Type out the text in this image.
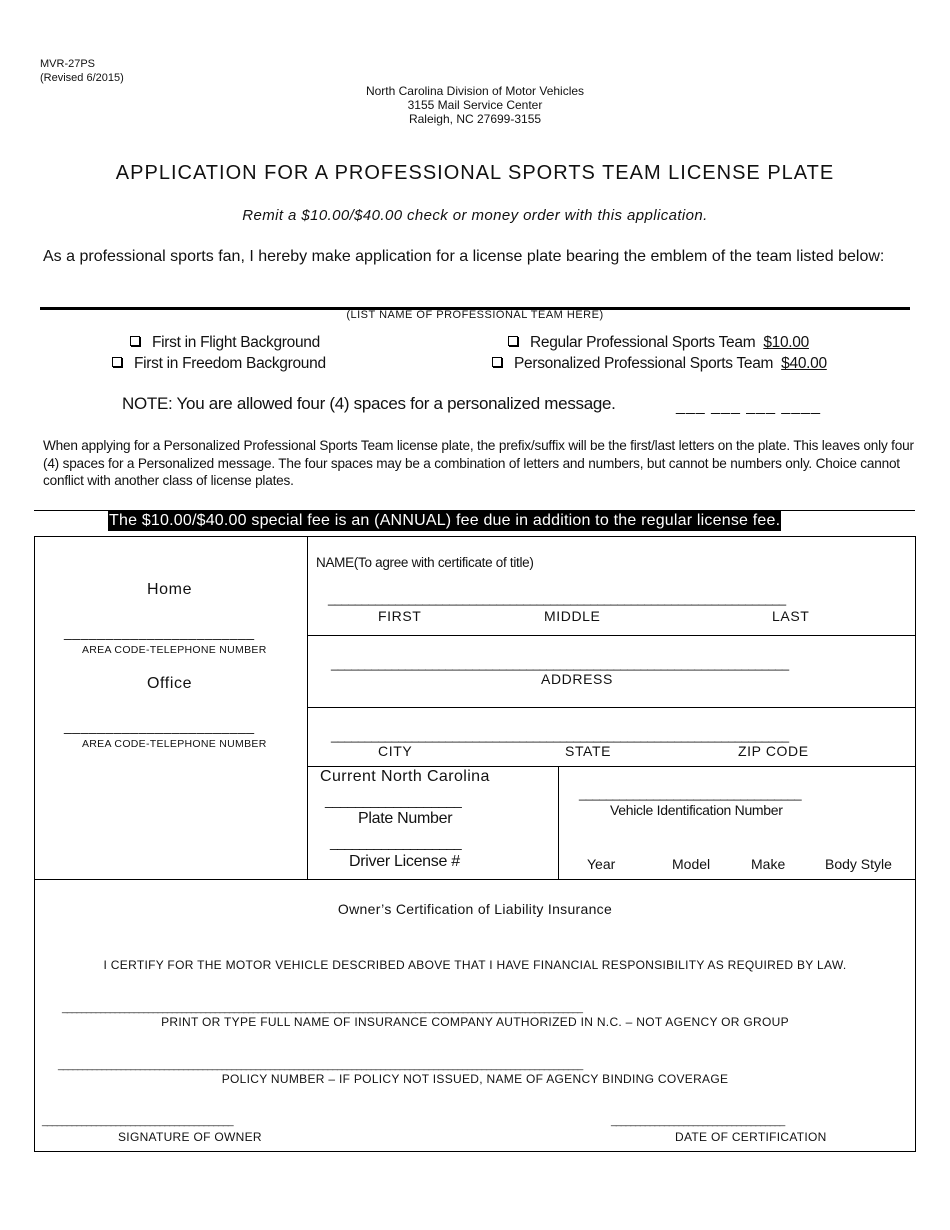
MVR-27PS
(Revised 6/2015)
North Carolina Division of Motor Vehicles
3155 Mail Service Center
Raleigh, NC 27699-3155
APPLICATION FOR A PROFESSIONAL SPORTS TEAM LICENSE PLATE
Remit a $10.00/$40.00 check or money order with this application.
As a professional sports fan, I hereby make application for a license plate bearing the emblem of the team listed below:
(LIST NAME OF PROFESSIONAL TEAM HERE)
First in Flight Background
First in Freedom Background
Regular Professional Sports Team $10.00
Personalized Professional Sports Team $40.00
NOTE: You are allowed four (4) spaces for a personalized message.	___ ___ ___ ____
When applying for a Personalized Professional Sports Team license plate, the prefix/suffix will be the first/last letters on the plate. This leaves only four (4) spaces for a Personalized message. The four spaces may be a combination of letters and numbers, but cannot be numbers only. Choice cannot conflict with another class of license plates.
The $10.00/$40.00 special fee is an (ANNUAL) fee due in addition to the regular license fee.
Home
_______________________
AREA CODE-TELEPHONE NUMBER
Office
_______________________
AREA CODE-TELEPHONE NUMBER
NAME(To agree with certificate of title)
____________________________________________________________________
FIRST	MIDDLE	LAST
____________________________________________________________________
ADDRESS
____________________________________________________________________
CITY	STATE	ZIP CODE
Current North Carolina
__________________
Plate Number
__________________
Driver License #
_________________________________
Vehicle Identification Number
Year	Model	Make	Body Style
Owner’s Certification of Liability Insurance
I CERTIFY FOR THE MOTOR VEHICLE DESCRIBED ABOVE THAT I HAVE FINANCIAL RESPONSIBILITY AS REQUIRED BY LAW.
_____________________________________________________________________________________________________________
PRINT OR TYPE FULL NAME OF INSURANCE COMPANY AUTHORIZED IN N.C. – NOT AGENCY OR GROUP
_____________________________________________________________________________________________________________
POLICY NUMBER – IF POLICY NOT ISSUED, NAME OF AGENCY BINDING COVERAGE
_______________________________________
SIGNATURE OF OWNER
____________________________________
DATE OF CERTIFICATION
